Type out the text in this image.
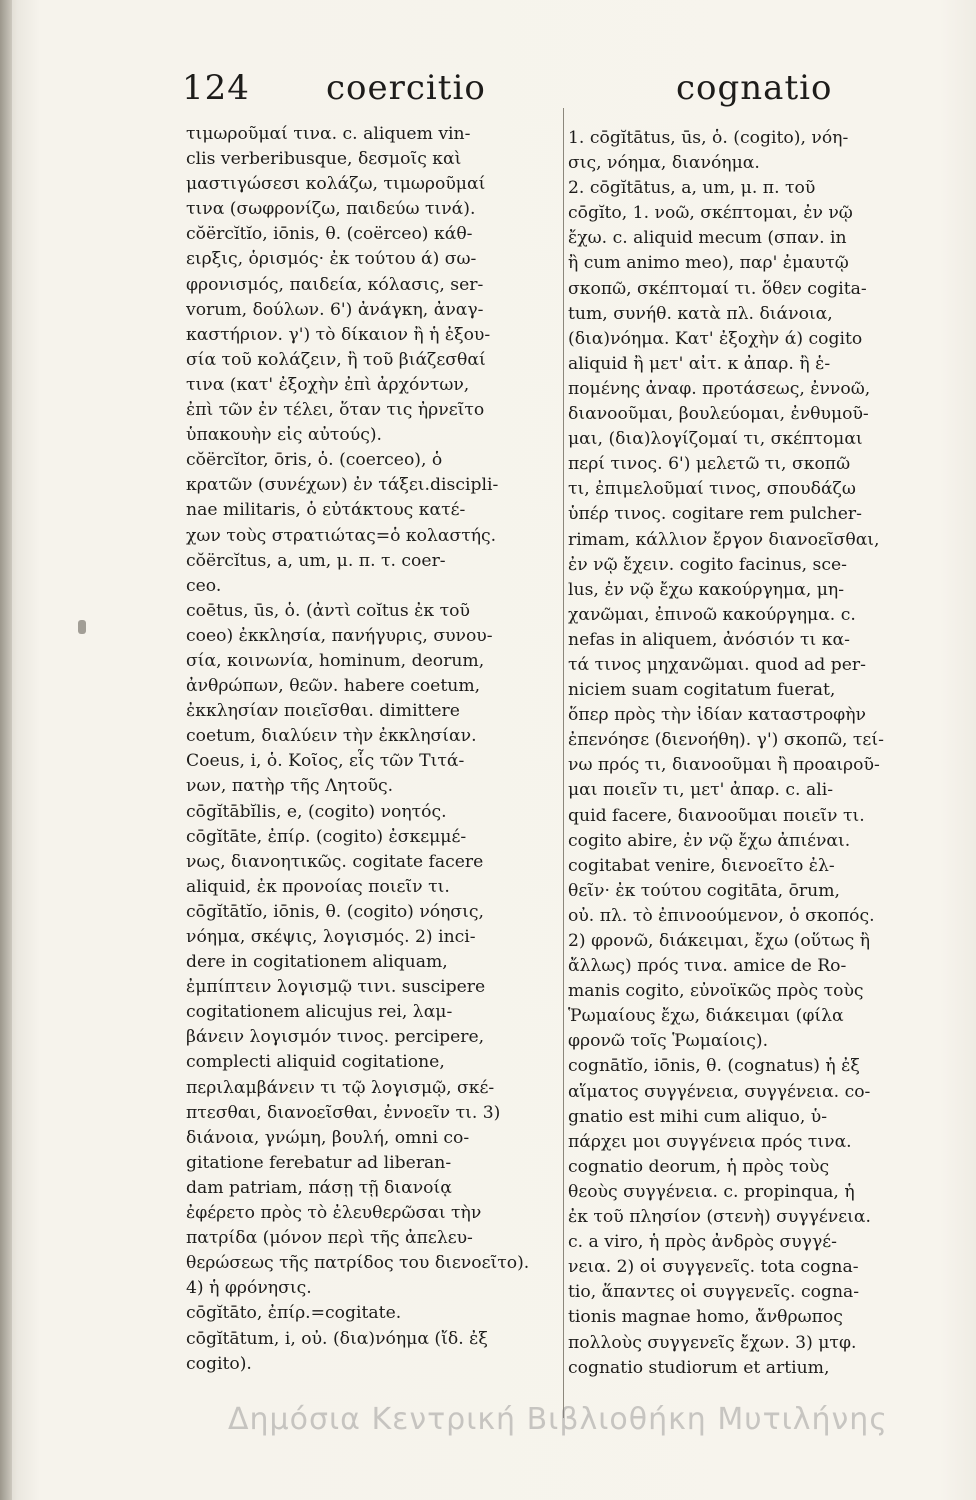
124 coercitio	cognatio
τιμωροῦμαί τινα. c. aliquem vin-
clis verberibusque, δεσμοῖς καὶ
μαστιγώσεσι κολάζω, τιμωροῦμαί
τινα (σωφρονίζω, παιδεύω τινά).
cŏërcĭtĭo, iōnis, θ. (coërceo) κάθ-
ειρξις, ὁρισμός· ἐκ τούτου ά) σω-
φρονισμός, παιδεία, κόλασις, ser-
vorum, δούλων. 6') ἀνάγκη, ἀναγ-
καστήριον. γ') τὸ δίκαιον ἢ ἡ ἐξου-
σία τοῦ κολάζειν, ἢ τοῦ βιάζεσθαί
τινα (κατ' ἐξοχὴν ἐπὶ ἀρχόντων,
ἐπὶ τῶν ἐν τέλει, ὅταν τις ἠρνεῖτο
ὑπακουὴν εἰς αὐτούς).
cŏërcĭtor, ōris, ὁ. (coerceo), ὁ
κρατῶν (συνέχων) ἐν τάξει.discipli-
nae militaris, ὁ εὐτάκτους κατέ-
χων τοὺς στρατιώτας=ὁ κολαστής.
cŏërcĭtus, a, um, μ. π. τ. coer-
ceo.
coētus, ūs, ὁ. (ἀντὶ coĭtus ἐκ τοῦ
coeo) ἐκκλησία, πανήγυρις, συνου-
σία, κοινωνία, hominum, deorum,
ἀνθρώπων, θεῶν. habere coetum,
ἐκκλησίαν ποιεῖσθαι. dimittere
coetum, διαλύειν τὴν ἐκκλησίαν.
Coeus, i, ὁ. Κοῖος, εἷς τῶν Τιτά-
νων, πατὴρ τῆς Λητοῦς.
cōgĭtābĭlis, e, (cogito) νοητός.
cōgĭtāte, ἐπίρ. (cogito) ἐσκεμμέ-
νως, διανοητικῶς. cogitate facere
aliquid, ἐκ προνοίας ποιεῖν τι.
cōgĭtātĭo, iōnis, θ. (cogito) νόησις,
νόημα, σκέψις, λογισμός. 2) inci-
dere in cogitationem aliquam,
ἐμπίπτειν λογισμῷ τινι. suscipere
cogitationem alicujus rei, λαμ-
βάνειν λογισμόν τινος. percipere,
complecti aliquid cogitatione,
περιλαμβάνειν τι τῷ λογισμῷ, σκέ-
πτεσθαι, διανοεῖσθαι, ἐννοεῖν τι. 3)
διάνοια, γνώμη, βουλή, omni co-
gitatione ferebatur ad liberan-
dam patriam, πάσῃ τῇ διανοίᾳ
ἐφέρετο πρὸς τὸ ἐλευθερῶσαι τὴν
πατρίδα (μόνον περὶ τῆς ἀπελευ-
θερώσεως τῆς πατρίδος του διενοεῖτο).
4) ἡ φρόνησις.
cōgĭtāto, ἐπίρ.=cogitate.
cōgĭtātum, i, οὐ. (δια)νόημα (ἴδ. ἐξ
cogito).
1. cōgĭtātus, ūs, ὁ. (cogito), νόη-
σις, νόημα, διανόημα.
2. cōgĭtātus, a, um, μ. π. τοῦ
cōgĭto, 1. νοῶ, σκέπτομαι, ἐν νῷ
ἔχω. c. aliquid mecum (σπαν. in
ἢ cum animo meo), παρ' ἐμαυτῷ
σκοπῶ, σκέπτομαί τι. ὅθεν cogita-
tum, συνήθ. κατὰ πλ. διάνοια,
(δια)νόημα. Κατ' ἐξοχὴν ά) cogito
aliquid ἢ μετ' αἰτ. κ ἀπαρ. ἢ ἑ-
πομένης ἀναφ. προτάσεως, ἐννοῶ,
διανοοῦμαι, βουλεύομαι, ἐνθυμοῦ-
μαι, (δια)λογίζομαί τι, σκέπτομαι
περί τινος. 6') μελετῶ τι, σκοπῶ
τι, ἐπιμελοῦμαί τινος, σπουδάζω
ὑπέρ τινος. cogitare rem pulcher-
rimam, κάλλιον ἔργον διανοεῖσθαι,
ἐν νῷ ἔχειν. cogito facinus, sce-
lus, ἐν νῷ ἔχω κακούργημα, μη-
χανῶμαι, ἐπινοῶ κακούργημα. c.
nefas in aliquem, ἀνόσιόν τι κα-
τά τινος μηχανῶμαι. quod ad per-
niciem suam cogitatum fuerat,
ὅπερ πρὸς τὴν ἰδίαν καταστροφὴν
ἐπενόησε (διενοήθη). γ') σκοπῶ, τεί-
νω πρός τι, διανοοῦμαι ἢ προαιροῦ-
μαι ποιεῖν τι, μετ' ἀπαρ. c. ali-
quid facere, διανοοῦμαι ποιεῖν τι.
cogito abire, ἐν νῷ ἔχω ἀπιέναι.
cogitabat venire, διενοεῖτο ἐλ-
θεῖν· ἐκ τούτου cogitāta, ōrum,
οὐ. πλ. τὸ ἐπινοούμενον, ὁ σκοπός.
2) φρονῶ, διάκειμαι, ἔχω (οὕτως ἢ
ἄλλως) πρός τινα. amice de Ro-
manis cogito, εὐνοϊκῶς πρὸς τοὺς
Ῥωμαίους ἔχω, διάκειμαι (φίλα
φρονῶ τοῖς Ῥωμαίοις).
cognātĭo, iōnis, θ. (cognatus) ἡ ἐξ
αἵματος συγγένεια, συγγένεια. co-
gnatio est mihi cum aliquo, ὑ-
πάρχει μοι συγγένεια πρός τινα.
cognatio deorum, ἡ πρὸς τοὺς
θεοὺς συγγένεια. c. propinqua, ἡ
ἐκ τοῦ πλησίον (στενὴ) συγγένεια.
c. a viro, ἡ πρὸς ἀνδρὸς συγγέ-
νεια. 2) οἱ συγγενεῖς. tota cogna-
tio, ἅπαντες οἱ συγγενεῖς. cogna-
tionis magnae homo, ἄνθρωπος
πολλοὺς συγγενεῖς ἔχων. 3) μτφ.
cognatio studiorum et artium,
Δημόσια Κεντρική Βιβλιοθήκη Μυτιλήνης
